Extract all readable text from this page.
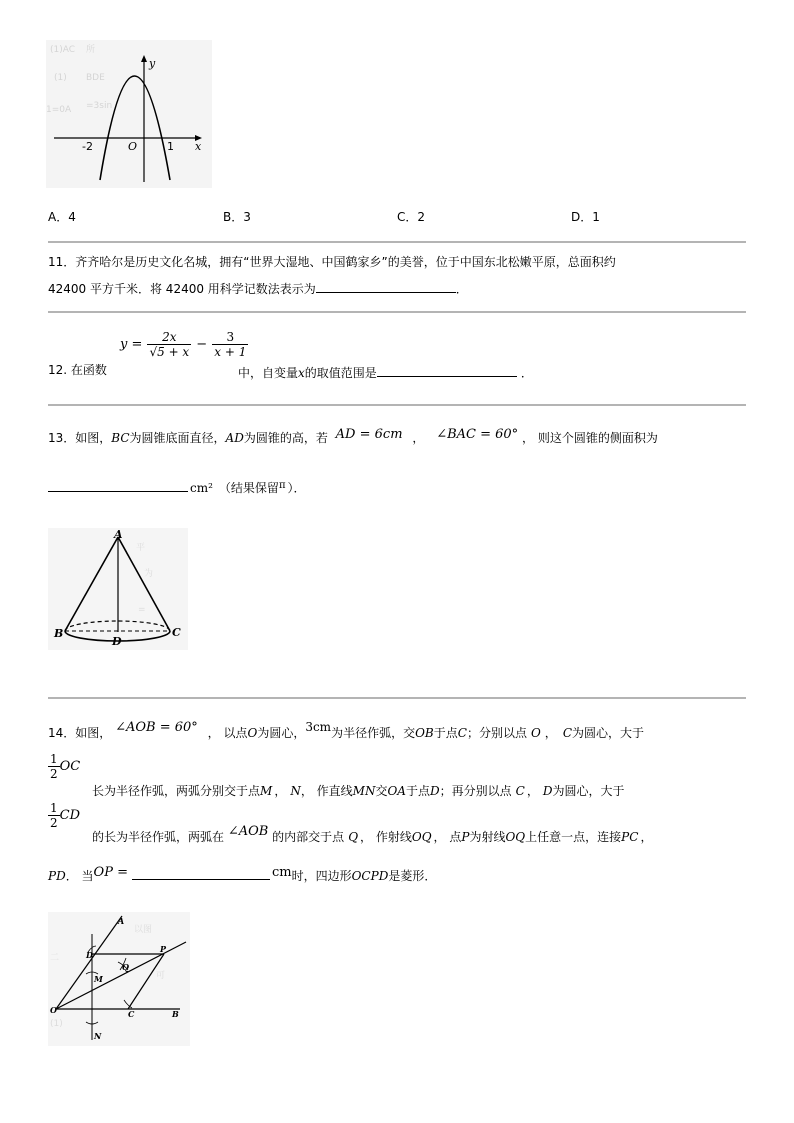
(1)AC 所
(1) BDE
1=0A =3sin
y
x
O
-2	1
A．4	B．3	C．2	D．1
11．齐齐哈尔是历史文化名城，拥有“世界大湿地、中国鹤家乡”的美誉，位于中国东北松嫩平原，总面积约
42400 平方千米．将 42400 用科学记数法表示为	．
12. 在函数
$y = \frac{2x}{√5 + x} - \frac{3}{x + 1}$
中，自变量x的取值范围是	．
13．如图，BC为圆锥底面直径，AD为圆锥的高，若 AD = 6cm ， ∠BAC = 60° ， 则这个圆锥的侧面积为
cm² （结果保留$^\pi$ ）．
平
为
=
A
B	C
D
14．如图， ∠AOB = 60° ， 以点O为圆心，3cm为半径作弧，交OB于点C；分别以点 O ， C为圆心，大于
$\frac{1}{2}$ OC
长为半径作弧，两弧分别交于点M ， N， 作直线MN交OA于点D；再分别以点 C ， D为圆心，大于
$\frac{1}{2}$ CD
的长为半径作弧，两弧在 ∠AOB 的内部交于点 Q ， 作射线OQ ， 点P为射线OQ上任意一点，连接PC ，
PD． 当OP =	cm时，四边形OCPD是菱形．
以图
二
可
(1)
A
O	B
C
D
P
M
N
Q
